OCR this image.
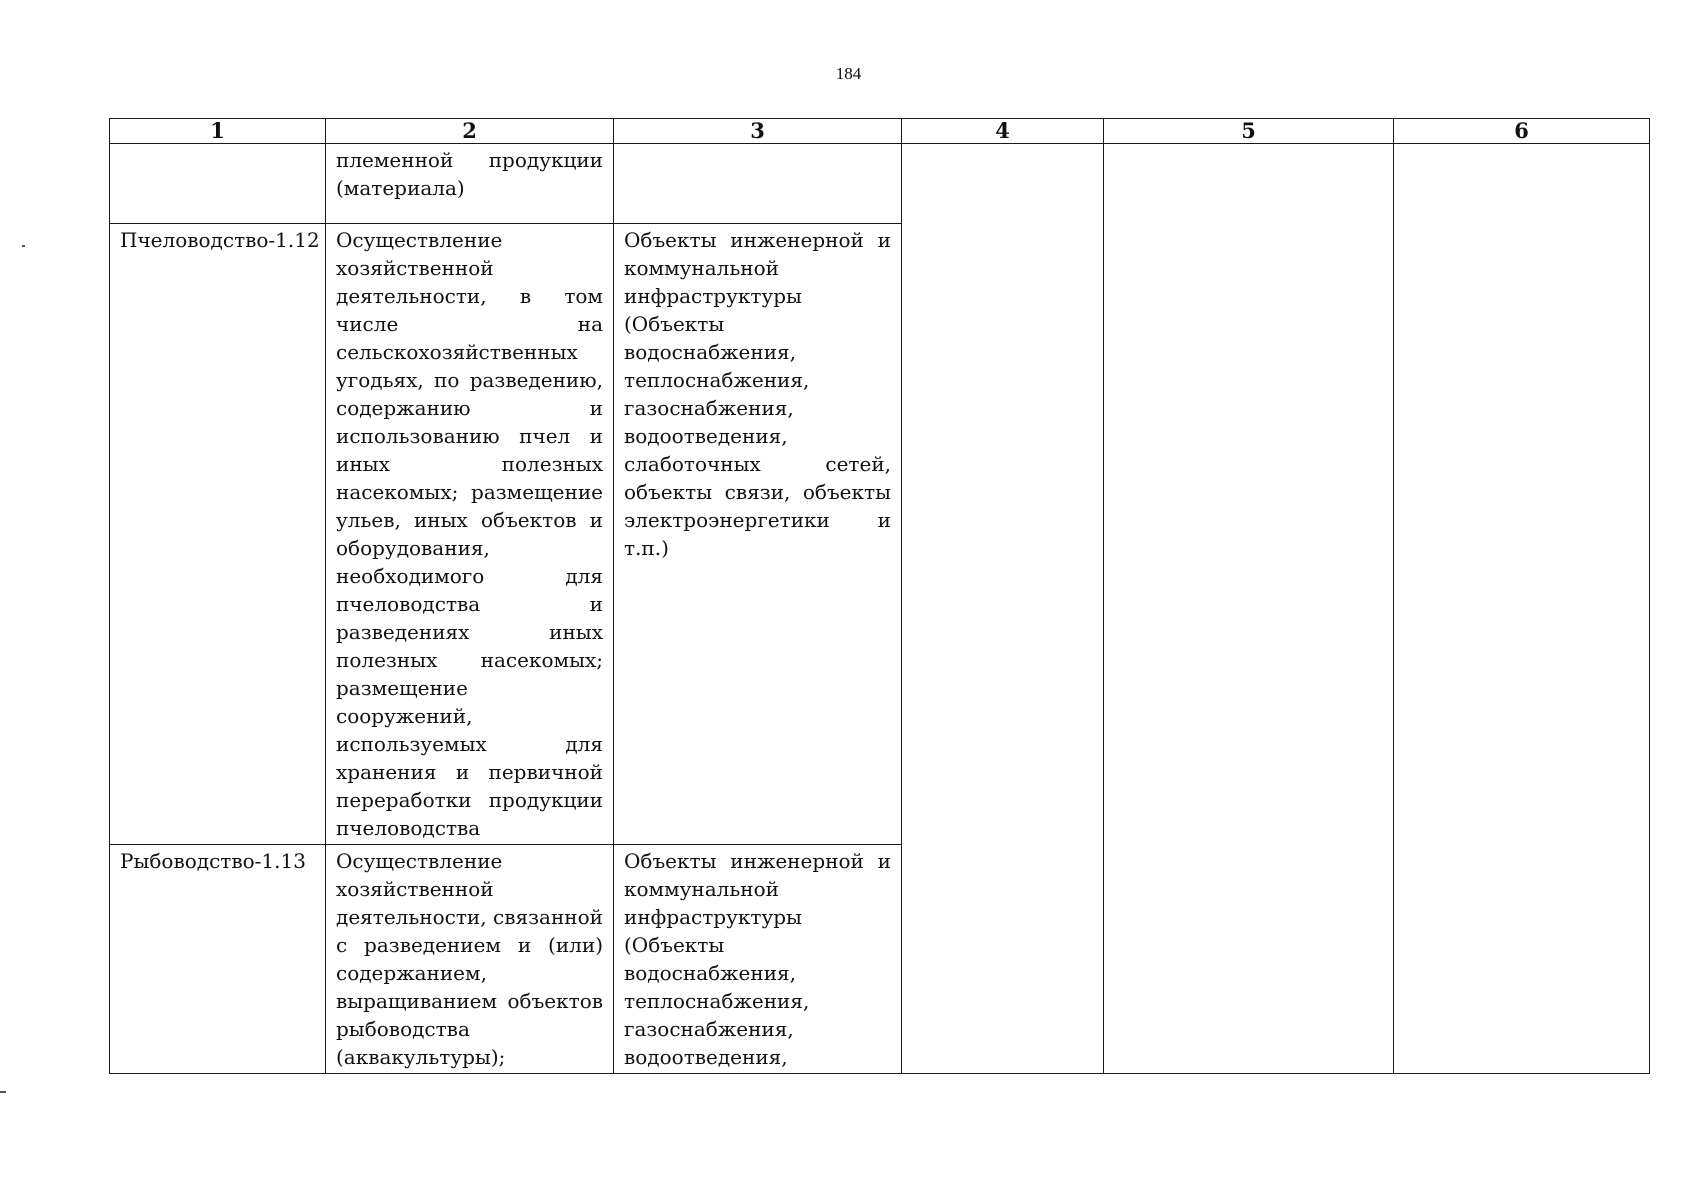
184
1	2	3	4	5	6

	племенной продукции (материала)				

Пчеловодство-1.12	Осуществление хозяйственной деятельности, в том числе на сельскохозяйственных угодьях, по разведению, содержанию и использованию пчел и иных полезных насекомых; размещение ульев, иных объектов и оборудования, необходимого для пчеловодства и разведениях иных полезных насекомых; размещение сооружений, используемых для хранения и первичной переработки продукции пчеловодства	Объекты инженерной и коммунальной инфраструктуры (Объекты водоснабжения, теплоснабжения, газоснабжения, водоотведения, слаботочных сетей, объекты связи, объекты электроэнергетики и т.п.)			

Рыбоводство-1.13	Осуществление хозяйственной деятельности, связанной с разведением и (или) содержанием, выращиванием объектов рыбоводства (аквакультуры);	Объекты инженерной и коммунальной инфраструктуры (Объекты водоснабжения, теплоснабжения, газоснабжения, водоотведения,			
